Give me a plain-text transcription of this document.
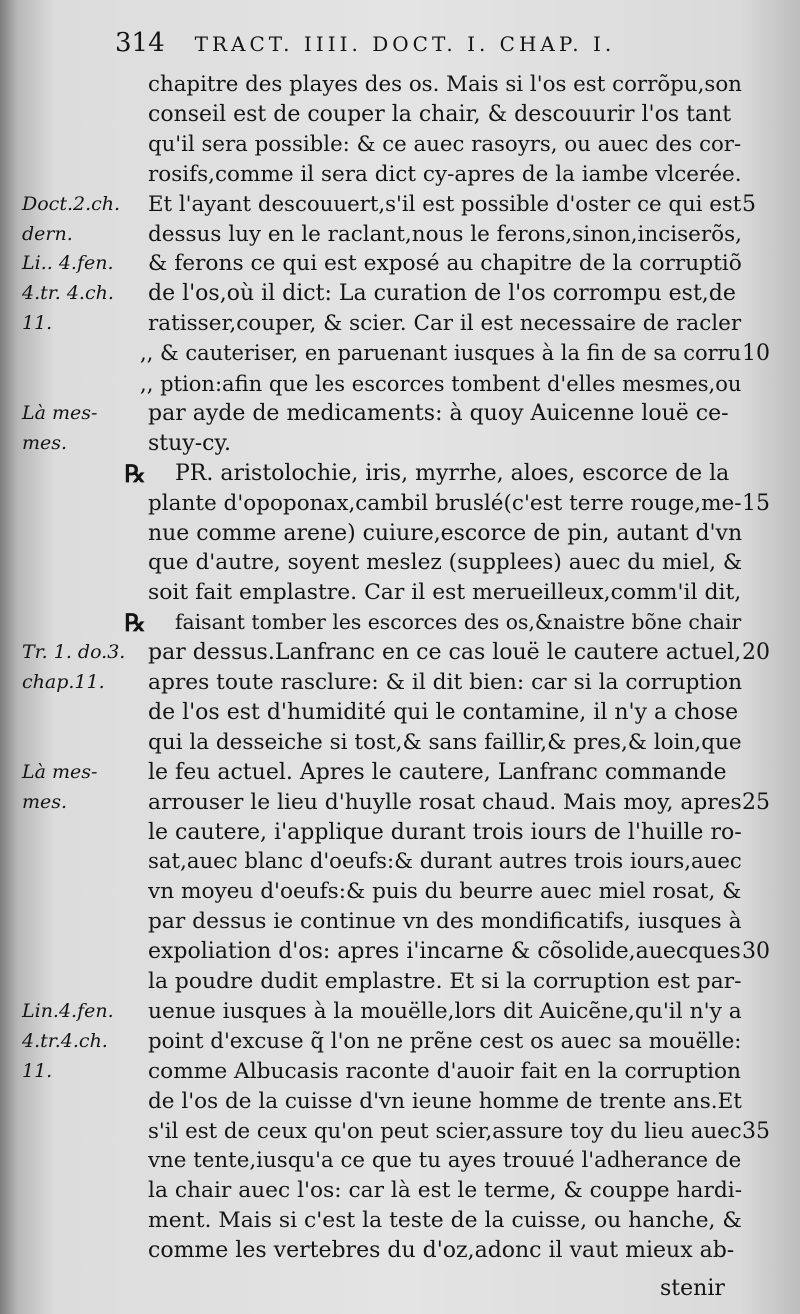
314 TRACT. IIII. DOCT. I. CHAP. I.
chapitre des playes des os. Mais si l'os est corrõpu,son
conseil est de couper la chair, & descouurir l'os tant
qu'il sera possible: & ce auec rasoyrs, ou auec des cor-
rosifs,comme il sera dict cy-apres de la iambe vlcerée.
Doct.2.ch.	Et l'ayant descouuert,s'il est possible d'oster ce qui est 5
dern.	dessus luy en le raclant,nous le ferons,sinon,inciserõs,
Li.. 4.fen.	& ferons ce qui est exposé au chapitre de la corruptiõ
4.tr. 4.ch.	de l'os,où il dict: La curation de l'os corrompu est,de
11.	ratisser,couper, & scier. Car il est necessaire de racler
,, & cauteriser, en paruenant iusques à la fin de sa corru 10
,, ption:afin que les escorces tombent d'elles mesmes,ou
Là mes-	par ayde de medicaments: à quoy Auicenne louë ce-
mes.	stuy-cy.
℞ PR. aristolochie, iris, myrrhe, aloes, escorce de la
plante d'opoponax,cambil bruslé(c'est terre rouge,me- 15
nue comme arene) cuiure,escorce de pin, autant d'vn
que d'autre, soyent meslez (supplees) auec du miel, &
soit fait emplastre. Car il est merueilleux,comm'il dit,
℞ faisant tomber les escorces des os,&naistre bõne chair
Tr. 1. do.3.	par dessus.Lanfranc en ce cas louë le cautere actuel, 20
chap.11.	apres toute rasclure: & il dit bien: car si la corruption
de l'os est d'humidité qui le contamine, il n'y a chose
qui la desseiche si tost,& sans faillir,& pres,& loin,que
Là mes-	le feu actuel. Apres le cautere, Lanfranc commande
mes.	arrouser le lieu d'huylle rosat chaud. Mais moy, apres 25
le cautere, i'applique durant trois iours de l'huille ro-
sat,auec blanc d'oeufs:& durant autres trois iours,auec
vn moyeu d'oeufs:& puis du beurre auec miel rosat, &
par dessus ie continue vn des mondificatifs, iusques à
expoliation d'os: apres i'incarne & cõsolide,auecques 30
la poudre dudit emplastre. Et si la corruption est par-
Lin.4.fen.	uenue iusques à la mouëlle,lors dit Auicẽne,qu'il n'y a
4.tr.4.ch.	point d'excuse q̃ l'on ne prẽne cest os auec sa mouëlle:
11.	comme Albucasis raconte d'auoir fait en la corruption
de l'os de la cuisse d'vn ieune homme de trente ans.Et
s'il est de ceux qu'on peut scier,assure toy du lieu auec 35
vne tente,iusqu'a ce que tu ayes trouué l'adherance de
la chair auec l'os: car là est le terme, & couppe hardi-
ment. Mais si c'est la teste de la cuisse, ou hanche, &
comme les vertebres du d'oz,adonc il vaut mieux ab-
stenir
